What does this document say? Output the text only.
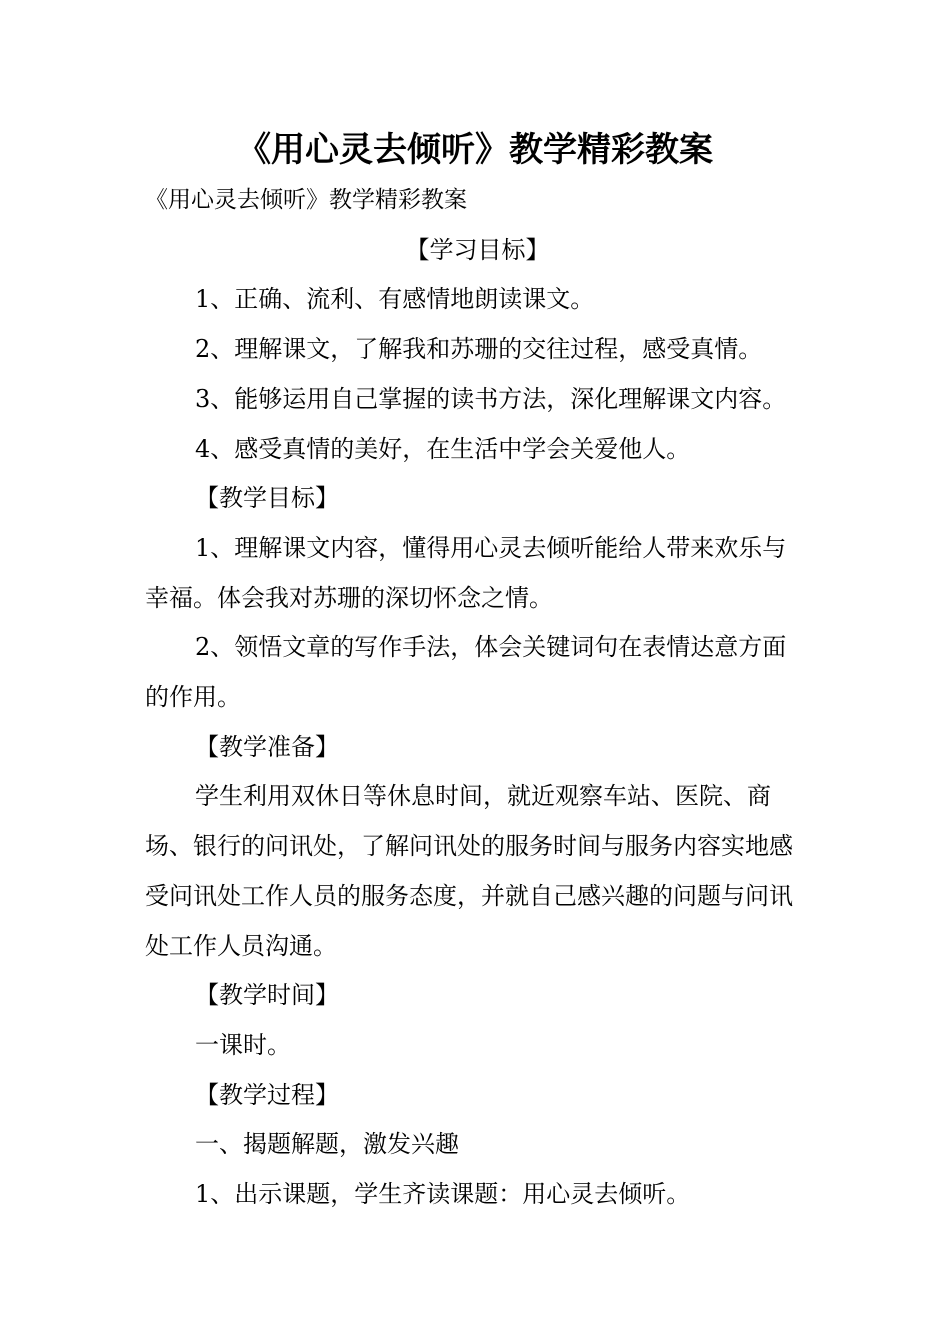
《用心灵去倾听》教学精彩教案

《用心灵去倾听》教学精彩教案

【学习目标】

1、正确、流利、有感情地朗读课文。

2、理解课文，了解我和苏珊的交往过程，感受真情。

3、能够运用自己掌握的读书方法，深化理解课文内容。

4、感受真情的美好，在生活中学会关爱他人。

【教学目标】

1、理解课文内容，懂得用心灵去倾听能给人带来欢乐与幸福。体会我对苏珊的深切怀念之情。

2、领悟文章的写作手法，体会关键词句在表情达意方面的作用。

【教学准备】

学生利用双休日等休息时间，就近观察车站、医院、商场、银行的问讯处，了解问讯处的服务时间与服务内容实地感受问讯处工作人员的服务态度，并就自己感兴趣的问题与问讯处工作人员沟通。

【教学时间】

一课时。

【教学过程】

一、揭题解题，激发兴趣

1、出示课题，学生齐读课题：用心灵去倾听。
